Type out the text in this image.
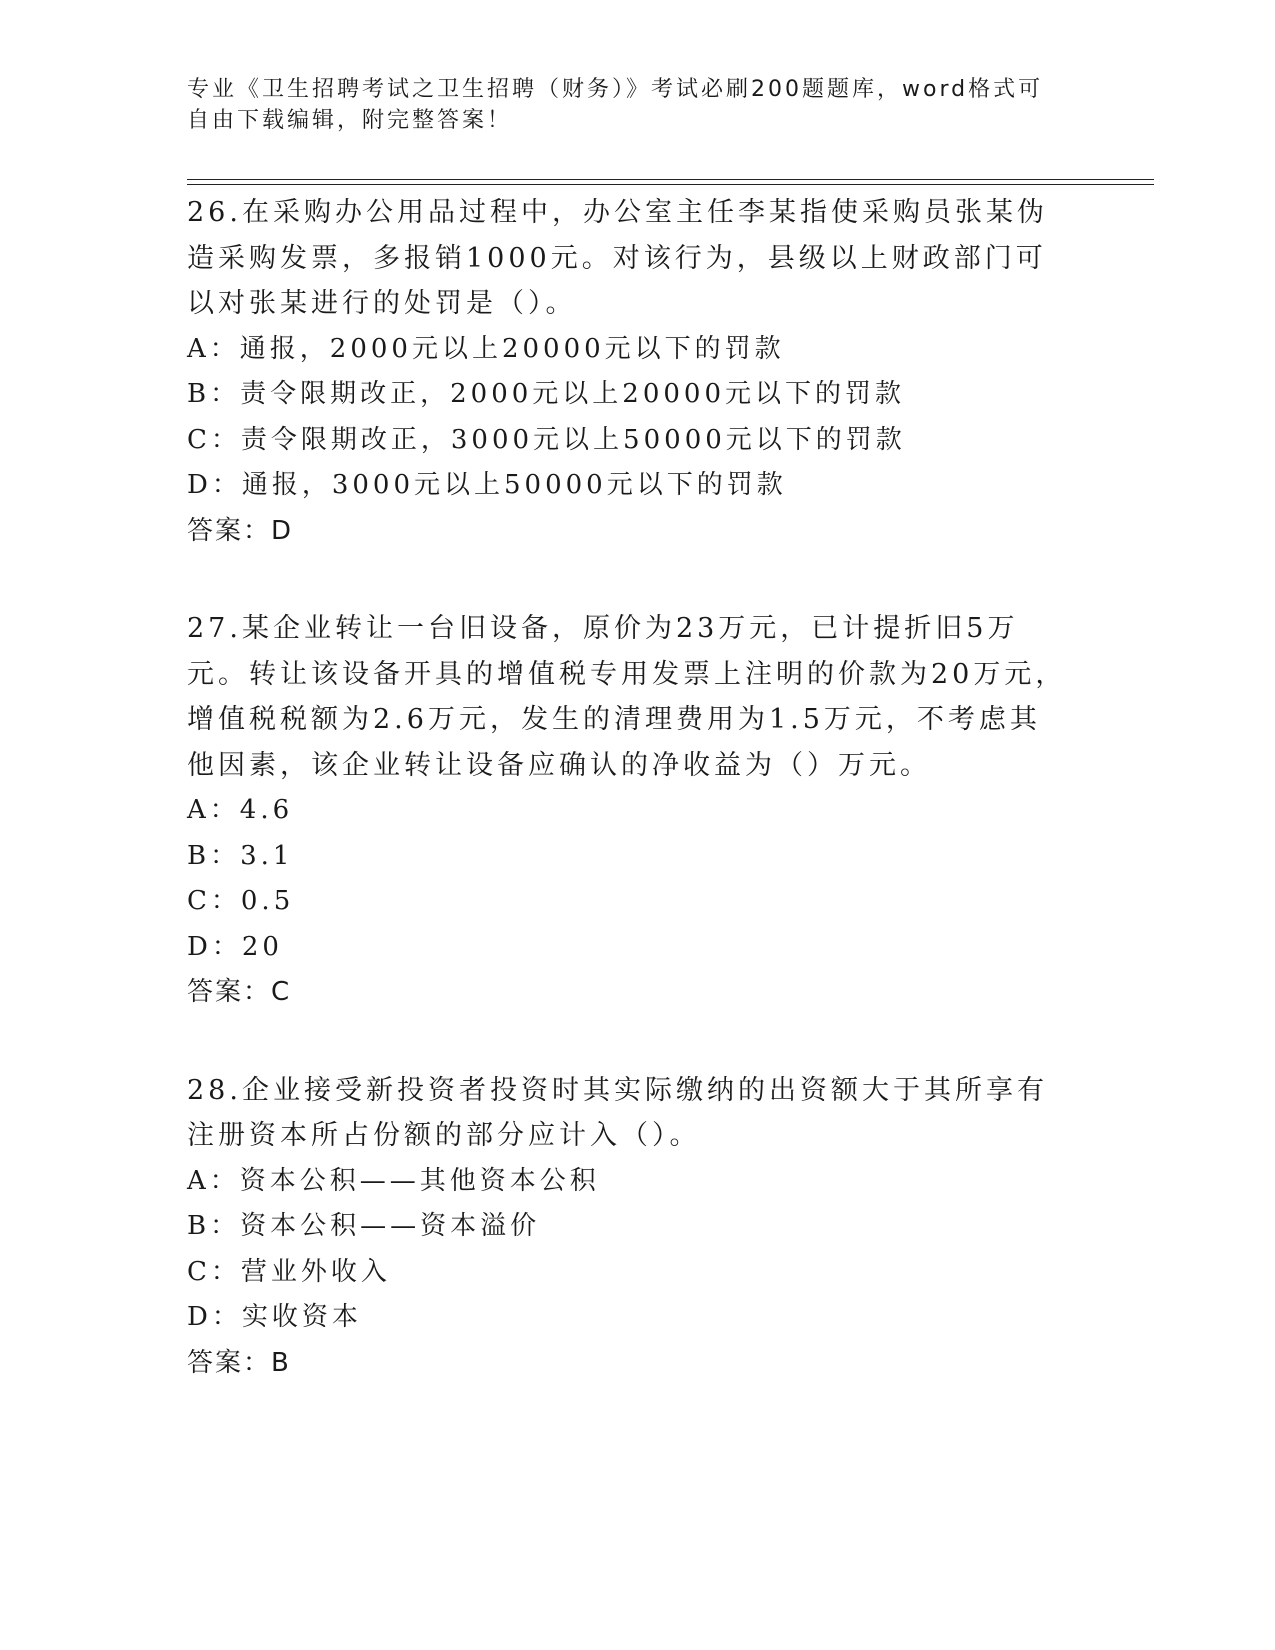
专业《卫生招聘考试之卫生招聘（财务）》考试必刷200题题库，word格式可自由下载编辑，附完整答案！

26.在采购办公用品过程中，办公室主任李某指使采购员张某伪造采购发票，多报销1000元。对该行为，县级以上财政部门可以对张某进行的处罚是（）。

A：通报，2000元以上20000元以下的罚款

B：责令限期改正，2000元以上20000元以下的罚款

C：责令限期改正，3000元以上50000元以下的罚款

D：通报，3000元以上50000元以下的罚款

答案：D

27.某企业转让一台旧设备，原价为23万元，已计提折旧5万元。转让该设备开具的增值税专用发票上注明的价款为20万元，增值税税额为2.6万元，发生的清理费用为1.5万元，不考虑其他因素，该企业转让设备应确认的净收益为（）万元。

A：4.6

B：3.1

C：0.5

D：20

答案：C

28.企业接受新投资者投资时其实际缴纳的出资额大于其所享有注册资本所占份额的部分应计入（）。

A：资本公积——其他资本公积

B：资本公积——资本溢价

C：营业外收入

D：实收资本

答案：B
